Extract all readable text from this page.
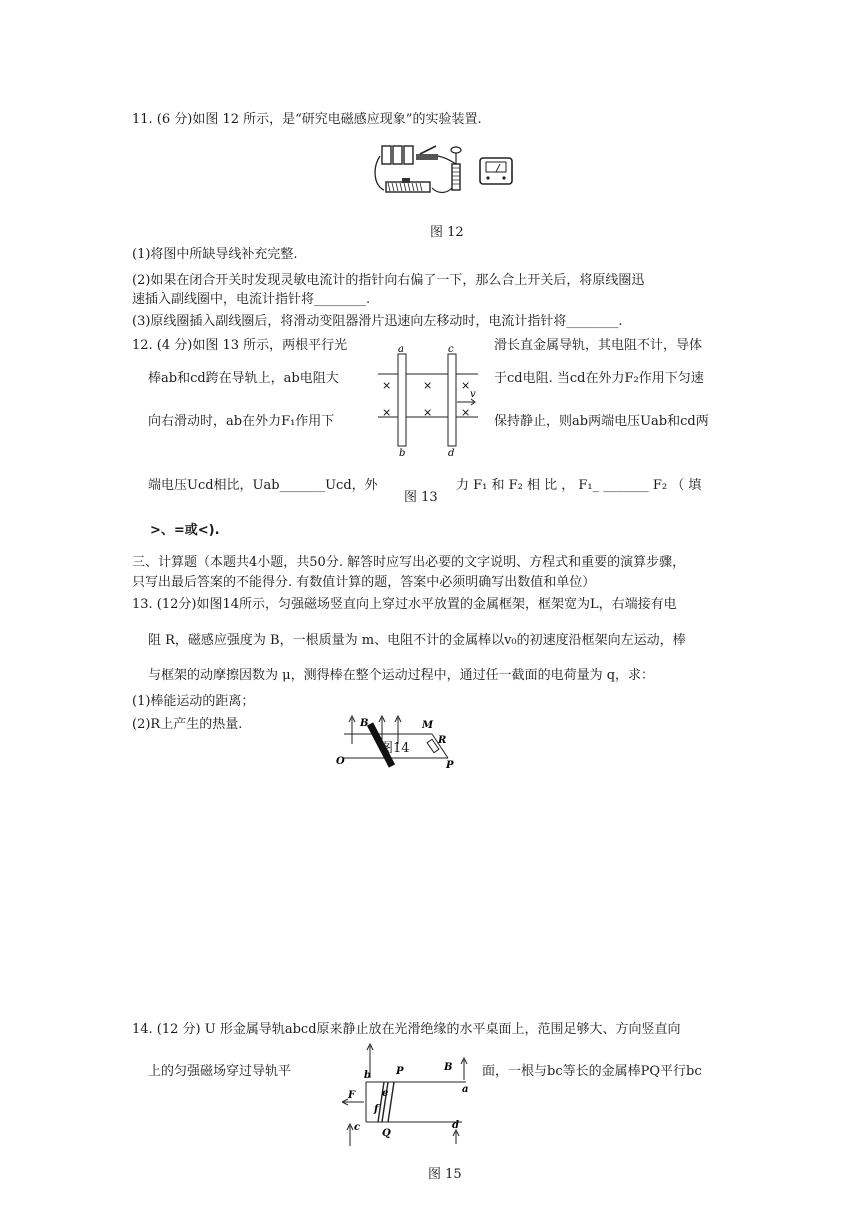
11. (6 分)如图 12 所示，是“研究电磁感应现象”的实验装置.
图 12
(1)将图中所缺导线补充完整.
(2)如果在闭合开关时发现灵敏电流计的指针向右偏了一下，那么合上开关后，将原线圈迅
速插入副线圈中，电流计指针将________.
(3)原线圈插入副线圈后，将滑动变阻器滑片迅速向左移动时，电流计指针将________.
12. (4 分)如图 13 所示，两根平行光	滑长直金属导轨，其电阻不计，导体
棒ab和cd跨在导轨上，ab电阻大	于cd电阻. 当cd在外力F₂作用下匀速
向右滑动时，ab在外力F₁作用下	保持静止，则ab两端电压Uab和cd两
端电压Ucd相比，Uab_______Ucd，外	力 F₁ 和 F₂ 相 比 ， F₁_ _______ F₂ （ 填
>、=或<).
a	c
b	d
×	×	×
×	×	×
v
图 13
三、计算题（本题共4小题，共50分. 解答时应写出必要的文字说明、方程式和重要的演算步骤，
只写出最后答案的不能得分. 有数值计算的题，答案中必须明确写出数值和单位）
13. (12分)如图14所示，匀强磁场竖直向上穿过水平放置的金属框架，框架宽为L，右端接有电
阻 R，磁感应强度为 B，一根质量为 m、电阻不计的金属棒以v₀的初速度沿框架向左运动，棒
与框架的动摩擦因数为 μ，测得棒在整个运动过程中，通过任一截面的电荷量为 q，求：
(1)棒能运动的距离；
(2)R上产生的热量.	B	M
R
O	P
图14
14. (12 分) U 形金属导轨abcd原来静止放在光滑绝缘的水平桌面上，范围足够大、方向竖直向
上的匀强磁场穿过导轨平	面，一根与bc等长的金属棒PQ平行bc
F
b	P	B
a
e
f
c
Q
d
图 15
